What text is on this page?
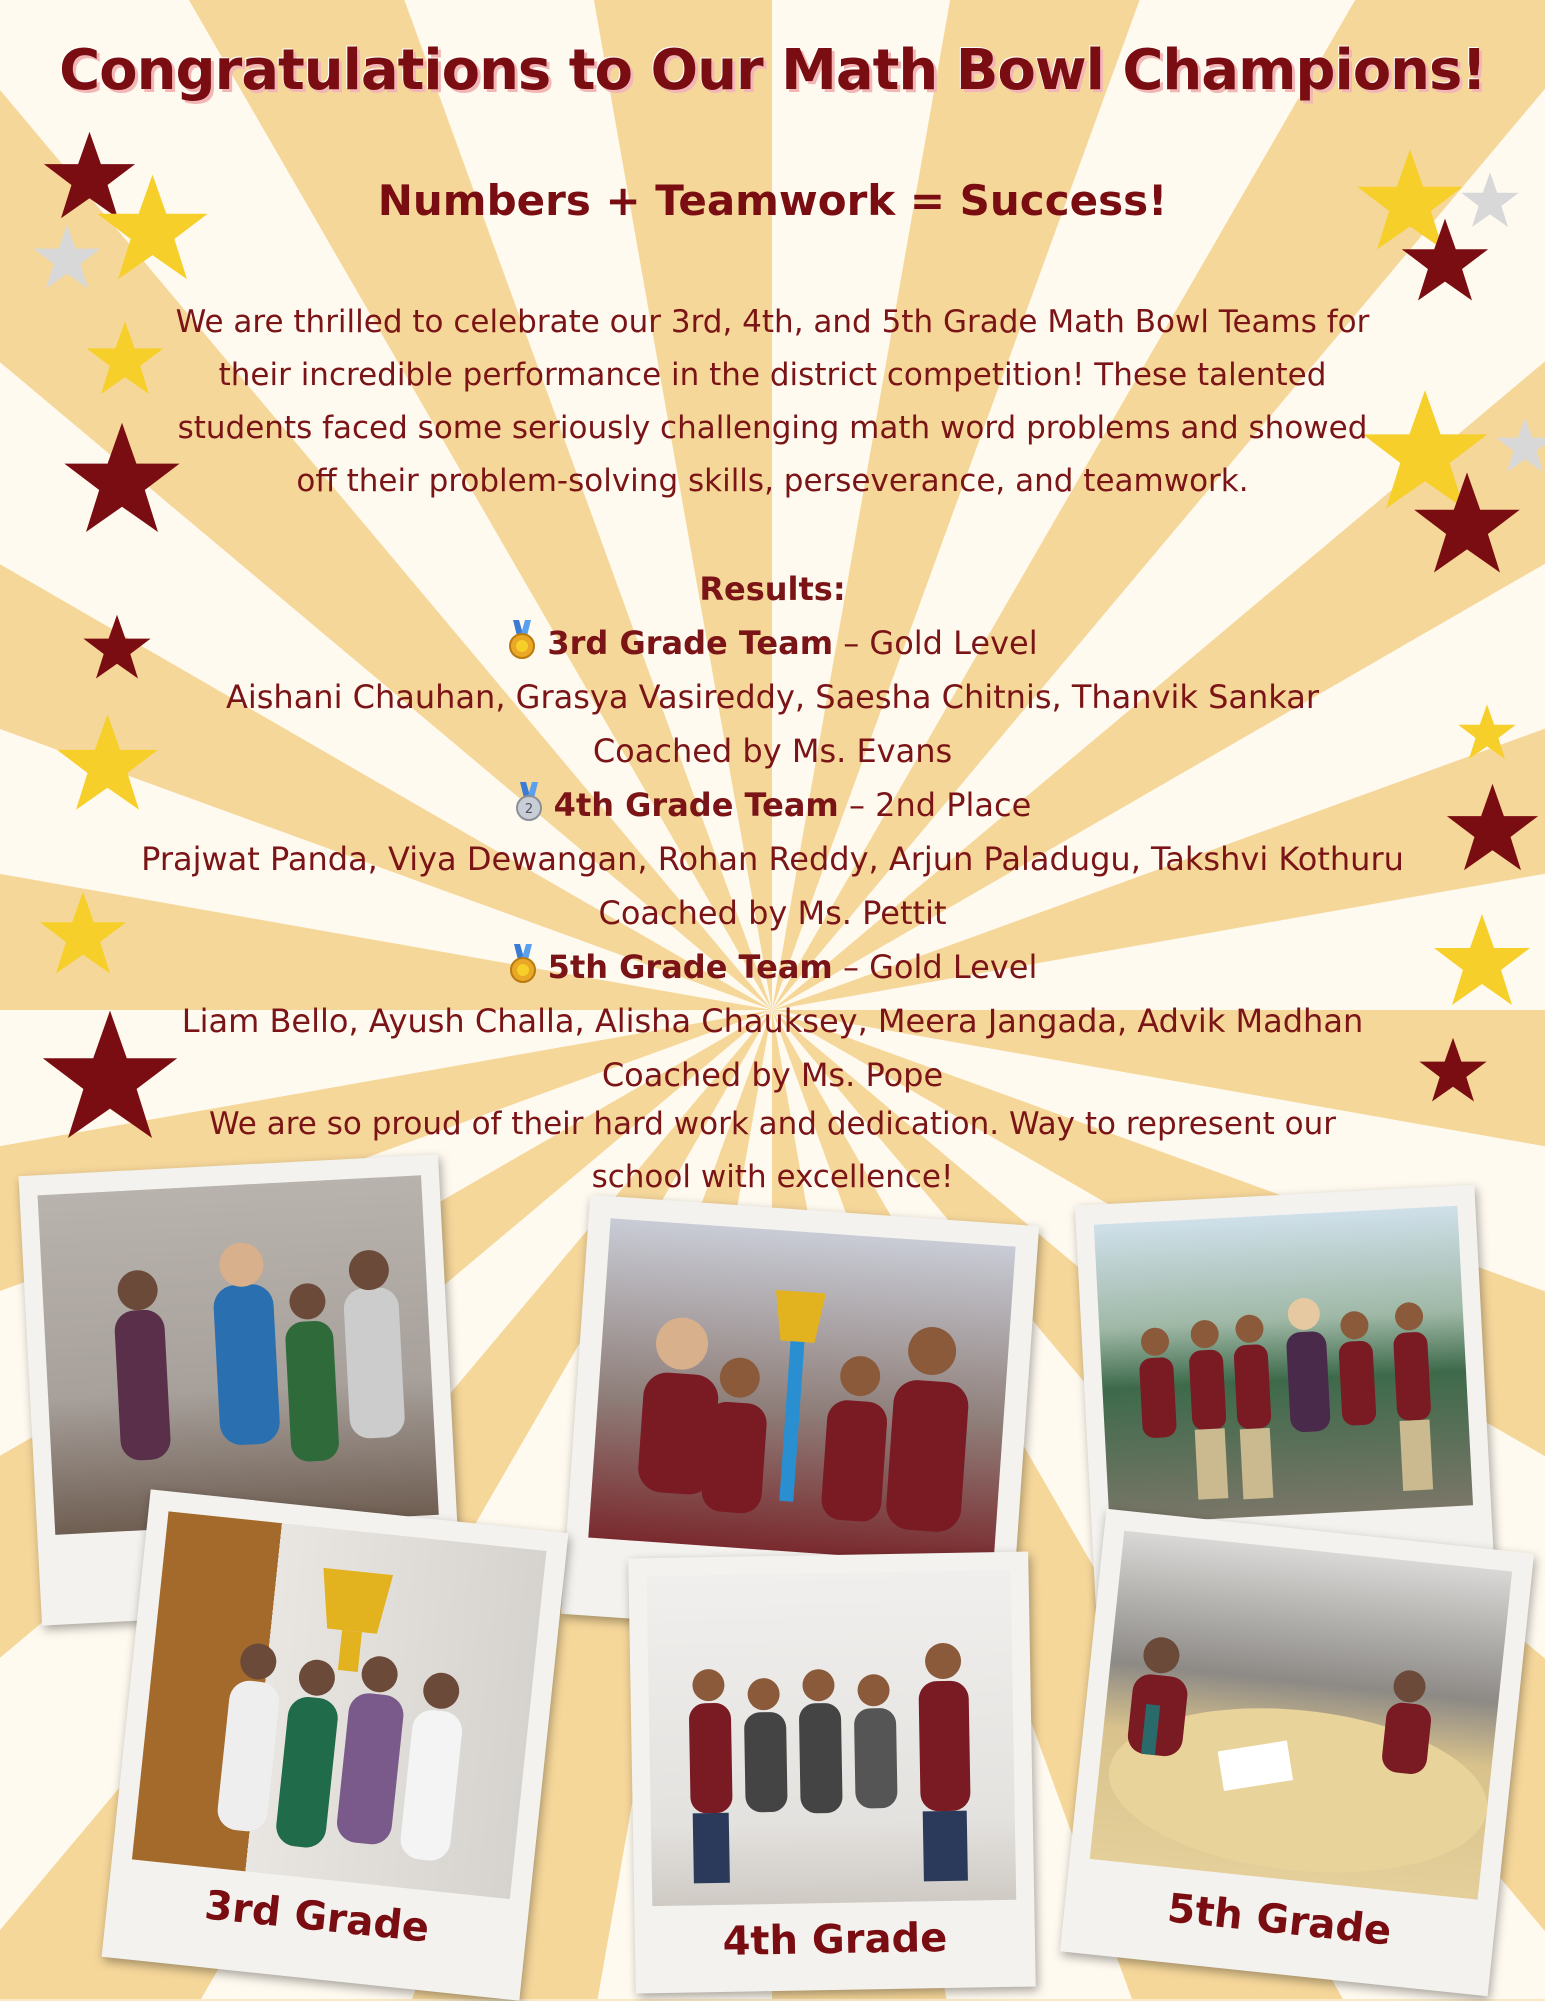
Congratulations to Our Math Bowl Champions!
Numbers + Teamwork = Success!
We are thrilled to celebrate our 3rd, 4th, and 5th Grade Math Bowl Teams for their incredible performance in the district competition! These talented students faced some seriously challenging math word problems and showed off their problem-solving skills, perseverance, and teamwork.
Results:
3rd Grade Team – Gold Level
Aishani Chauhan, Grasya Vasireddy, Saesha Chitnis, Thanvik Sankar
Coached by Ms. Evans
2 4th Grade Team – 2nd Place
Prajwat Panda, Viya Dewangan, Rohan Reddy, Arjun Paladugu, Takshvi Kothuru
Coached by Ms. Pettit
5th Grade Team – Gold Level
Liam Bello, Ayush Challa, Alisha Chauksey, Meera Jangada, Advik Madhan
Coached by Ms. Pope
We are so proud of their hard work and dedication. Way to represent our school with excellence!
3rd Grade	4th Grade	5th Grade
